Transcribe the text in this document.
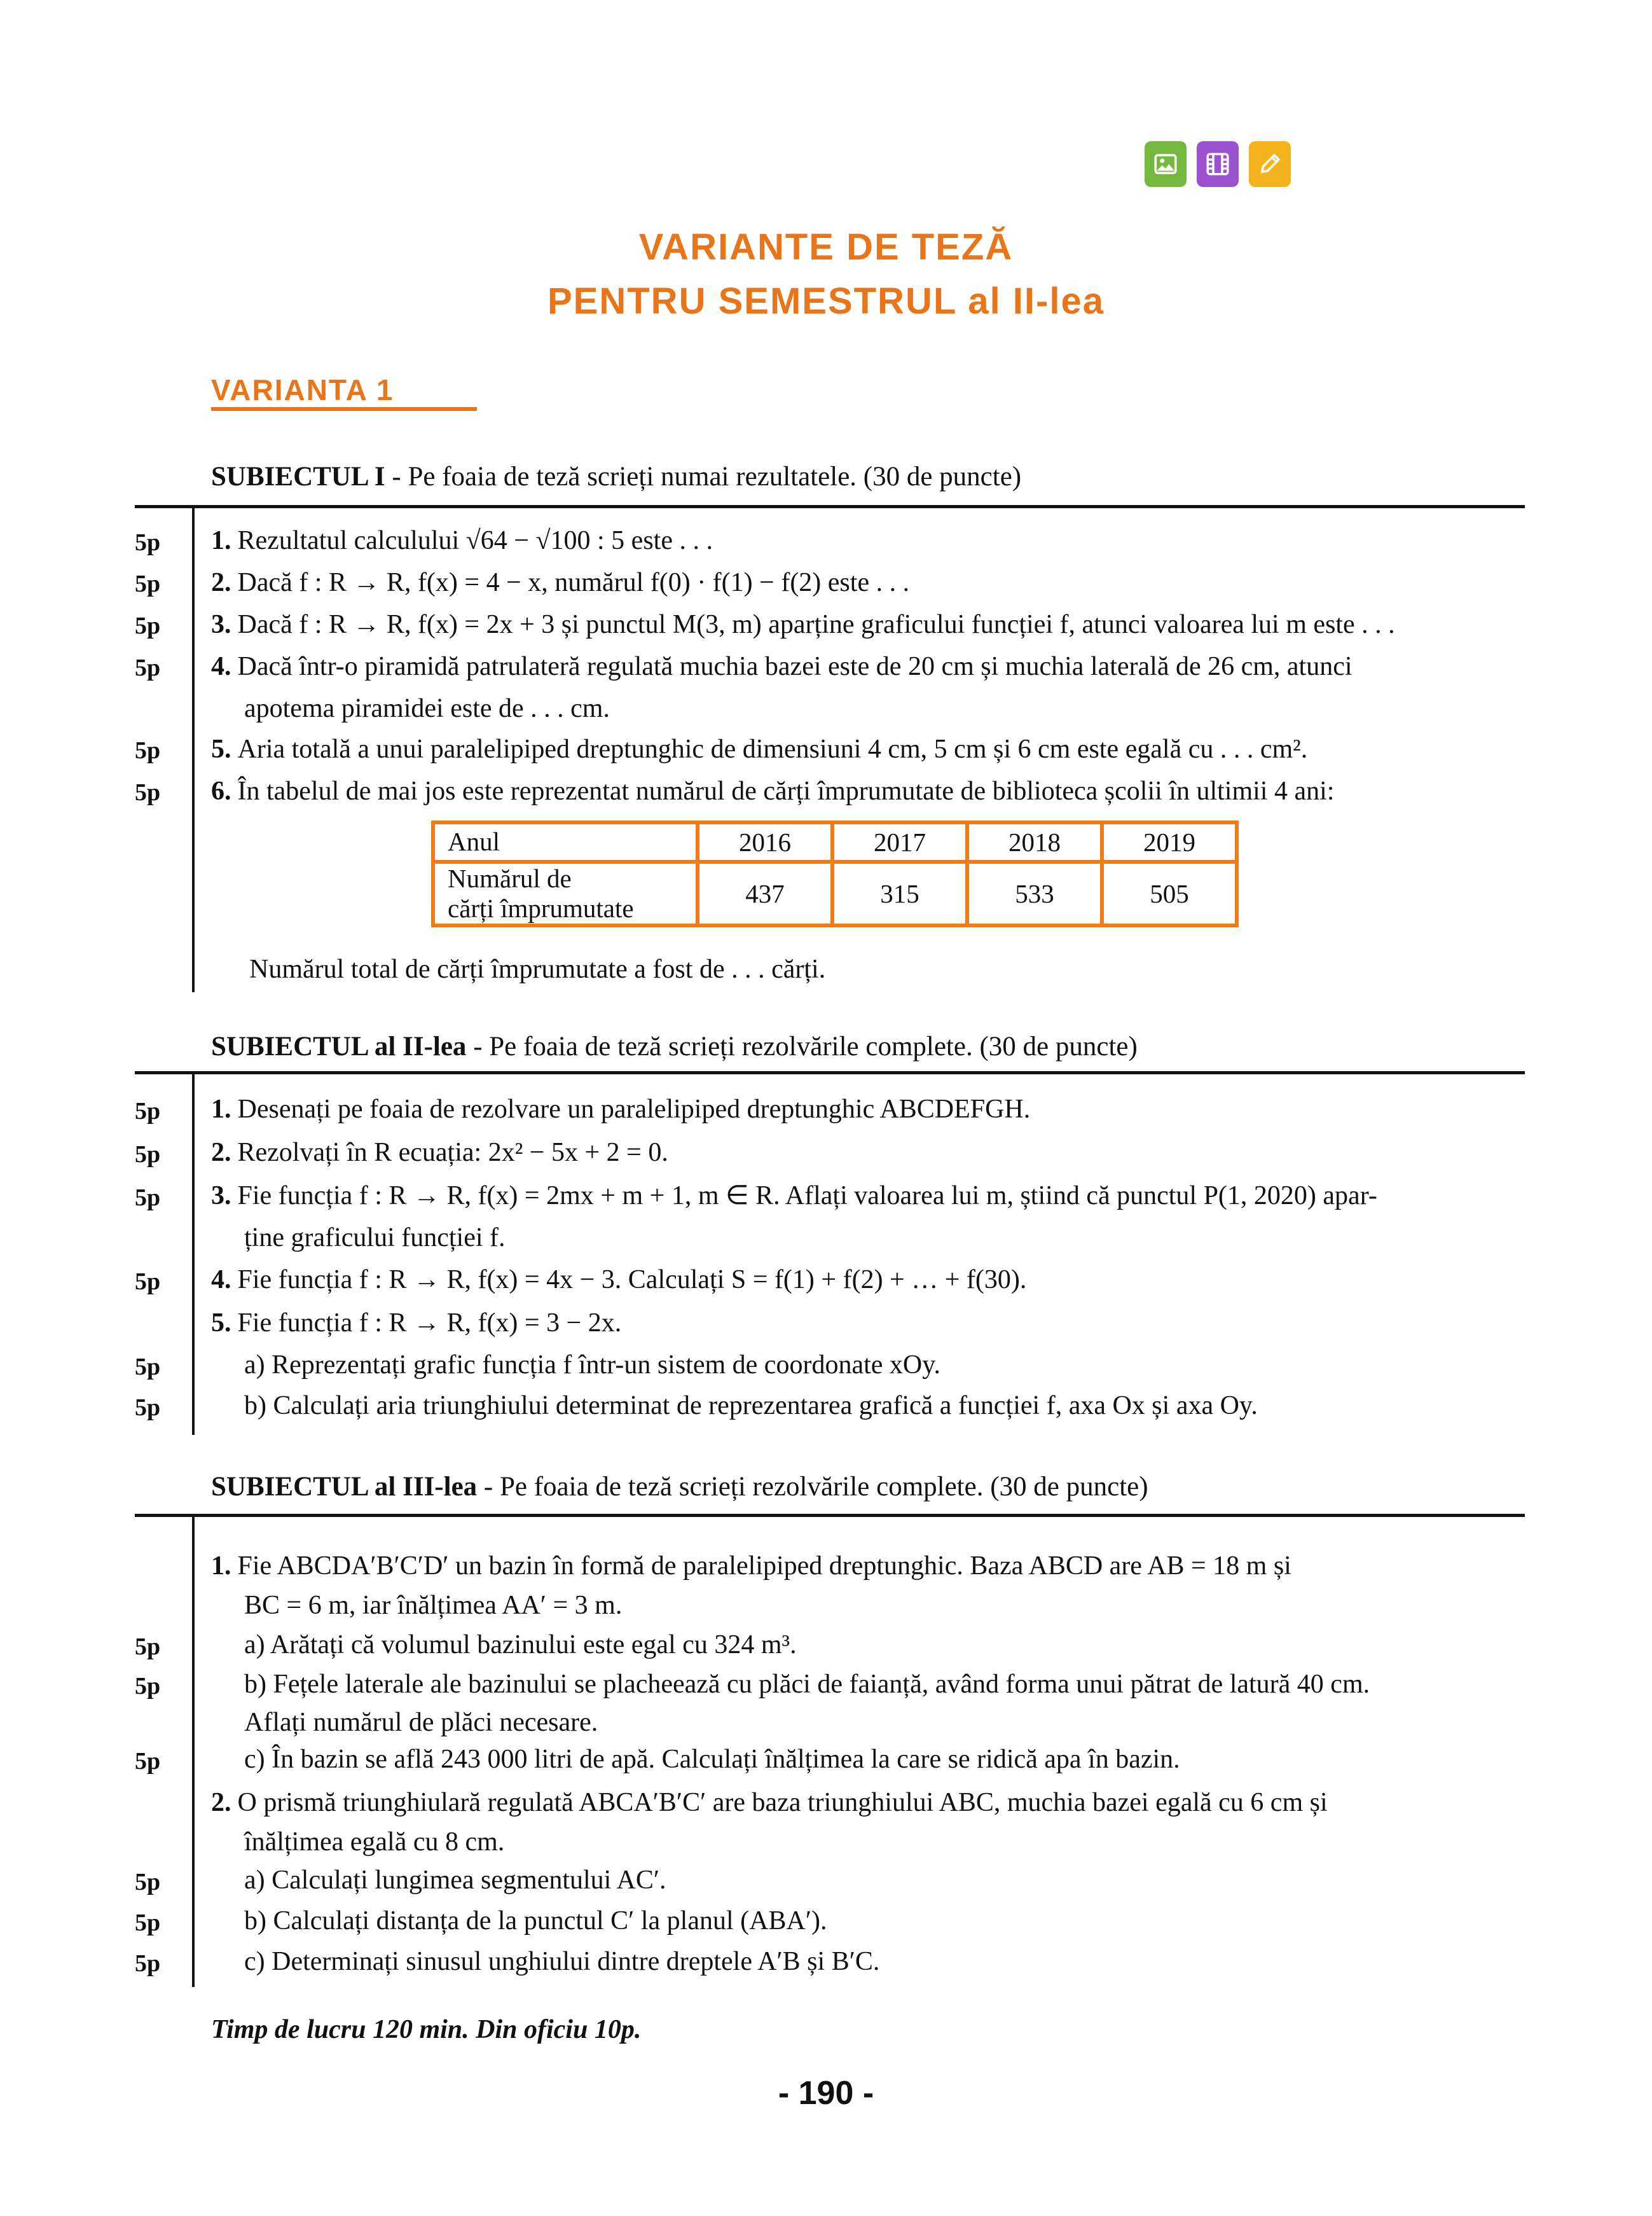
VARIANTE DE TEZĂ
PENTRU SEMESTRUL al II-lea
VARIANTA 1
SUBIECTUL I - Pe foaia de teză scrieți numai rezultatele. (30 de puncte)
5p
5p
5p
5p
5p
5p
1. Rezultatul calculului √64 − √100 : 5 este . . .
2. Dacă f : R → R, f(x) = 4 − x, numărul f(0) · f(1) − f(2) este . . .
3. Dacă f : R → R, f(x) = 2x + 3 și punctul M(3, m) aparține graficului funcției f, atunci valoarea lui m este . . .
4. Dacă într-o piramidă patrulateră regulată muchia bazei este de 20 cm și muchia laterală de 26 cm, atunci
apotema piramidei este de . . . cm.
5. Aria totală a unui paralelipiped dreptunghic de dimensiuni 4 cm, 5 cm și 6 cm este egală cu . . . cm².
6. În tabelul de mai jos este reprezentat numărul de cărți împrumutate de biblioteca școlii în ultimii 4 ani:
Anul	2016	2017	2018	2019

Numărul de
cărți împrumutate	437	315	533	505
Numărul total de cărți împrumutate a fost de . . . cărți.
SUBIECTUL al II-lea - Pe foaia de teză scrieți rezolvările complete. (30 de puncte)
5p
5p
5p
5p
5p
5p
1. Desenați pe foaia de rezolvare un paralelipiped dreptunghic ABCDEFGH.
2. Rezolvați în R ecuația: 2x² − 5x + 2 = 0.
3. Fie funcția f : R → R, f(x) = 2mx + m + 1, m ∈ R. Aflați valoarea lui m, știind că punctul P(1, 2020) apar-
ține graficului funcției f.
4. Fie funcția f : R → R, f(x) = 4x − 3. Calculați S = f(1) + f(2) + … + f(30).
5. Fie funcția f : R → R, f(x) = 3 − 2x.
a) Reprezentați grafic funcția f într-un sistem de coordonate xOy.
b) Calculați aria triunghiului determinat de reprezentarea grafică a funcției f, axa Ox și axa Oy.
SUBIECTUL al III-lea - Pe foaia de teză scrieți rezolvările complete. (30 de puncte)
5p
5p
5p
5p
5p
5p
1. Fie ABCDA′B′C′D′ un bazin în formă de paralelipiped dreptunghic. Baza ABCD are AB = 18 m și
BC = 6 m, iar înălțimea AA′ = 3 m.
a) Arătați că volumul bazinului este egal cu 324 m³.
b) Fețele laterale ale bazinului se placheează cu plăci de faianță, având forma unui pătrat de latură 40 cm.
Aflați numărul de plăci necesare.
c) În bazin se află 243 000 litri de apă. Calculați înălțimea la care se ridică apa în bazin.
2. O prismă triunghiulară regulată ABCA′B′C′ are baza triunghiului ABC, muchia bazei egală cu 6 cm și
înălțimea egală cu 8 cm.
a) Calculați lungimea segmentului AC′.
b) Calculați distanța de la punctul C′ la planul (ABA′).
c) Determinați sinusul unghiului dintre dreptele A′B și B′C.
Timp de lucru 120 min. Din oficiu 10p.
- 190 -
